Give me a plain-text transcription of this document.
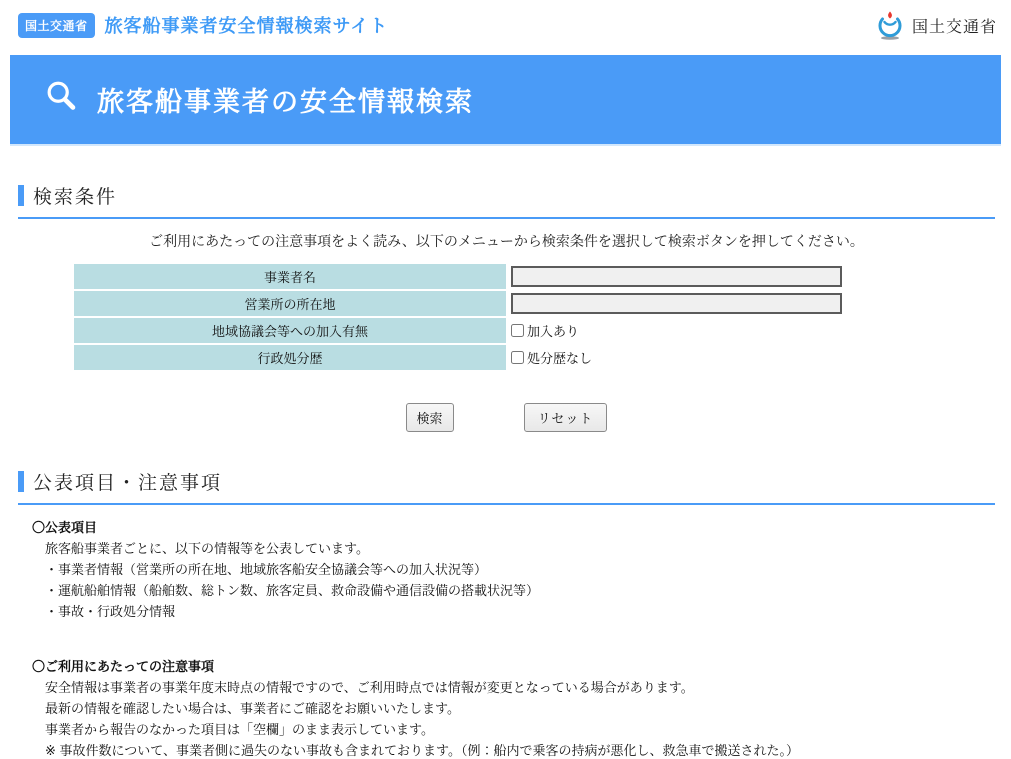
国土交通省 旅客船事業者安全情報検索サイト	国土交通省
旅客船事業者の安全情報検索
検索条件
ご利用にあたっての注意事項をよく読み、以下のメニューから検索条件を選択して検索ボタンを押してください。
事業者名
営業所の所在地
地域協議会等への加入有無	加入あり
行政処分歴	処分歴なし
検索	リセット
公表項目・注意事項
〇公表項目
旅客船事業者ごとに、以下の情報等を公表しています。
・事業者情報（営業所の所在地、地域旅客船安全協議会等への加入状況等）
・運航船舶情報（船舶数、総トン数、旅客定員、救命設備や通信設備の搭載状況等）
・事故・行政処分情報
〇ご利用にあたっての注意事項
安全情報は事業者の事業年度末時点の情報ですので、ご利用時点では情報が変更となっている場合があります。
最新の情報を確認したい場合は、事業者にご確認をお願いいたします。
事業者から報告のなかった項目は「空欄」のまま表示しています。
※ 事故件数について、事業者側に過失のない事故も含まれております。（例：船内で乗客の持病が悪化し、救急車で搬送された。）
